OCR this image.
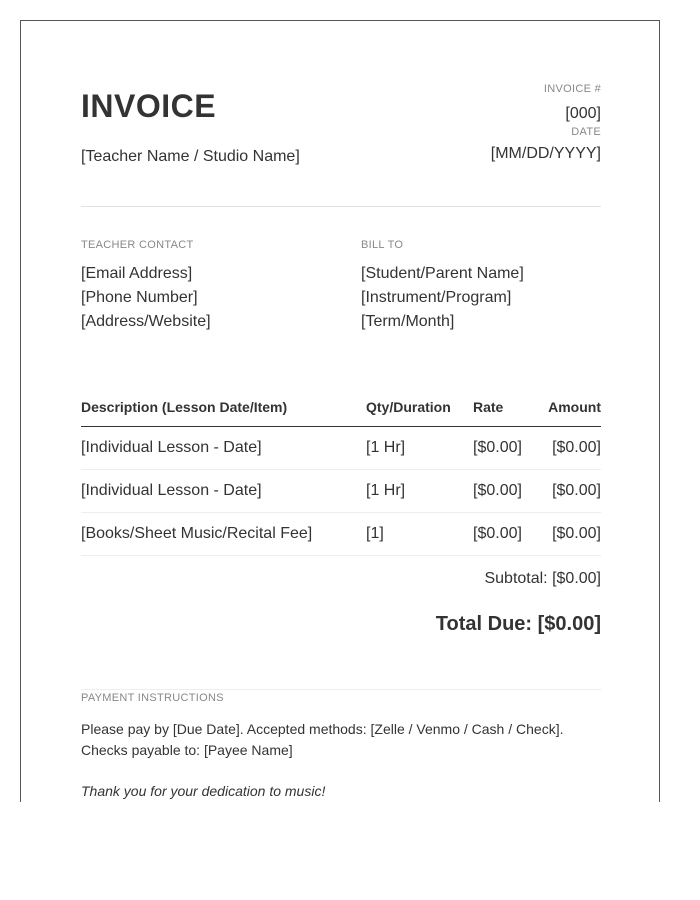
INVOICE
[Teacher Name / Studio Name]
INVOICE #
[000]
DATE
[MM/DD/YYYY]
TEACHER CONTACT
[Email Address]
[Phone Number]
[Address/Website]
BILL TO
[Student/Parent Name]
[Instrument/Program]
[Term/Month]
Description (Lesson Date/Item)	Qty/Duration	Rate	Amount
[Individual Lesson - Date]	[1 Hr]	[$0.00]	[$0.00]
[Individual Lesson - Date]	[1 Hr]	[$0.00]	[$0.00]
[Books/Sheet Music/Recital Fee]	[1]	[$0.00]	[$0.00]
Subtotal: [$0.00]
Total Due: [$0.00]
PAYMENT INSTRUCTIONS
Please pay by [Due Date]. Accepted methods: [Zelle / Venmo / Cash / Check].
Checks payable to: [Payee Name]
Thank you for your dedication to music!
